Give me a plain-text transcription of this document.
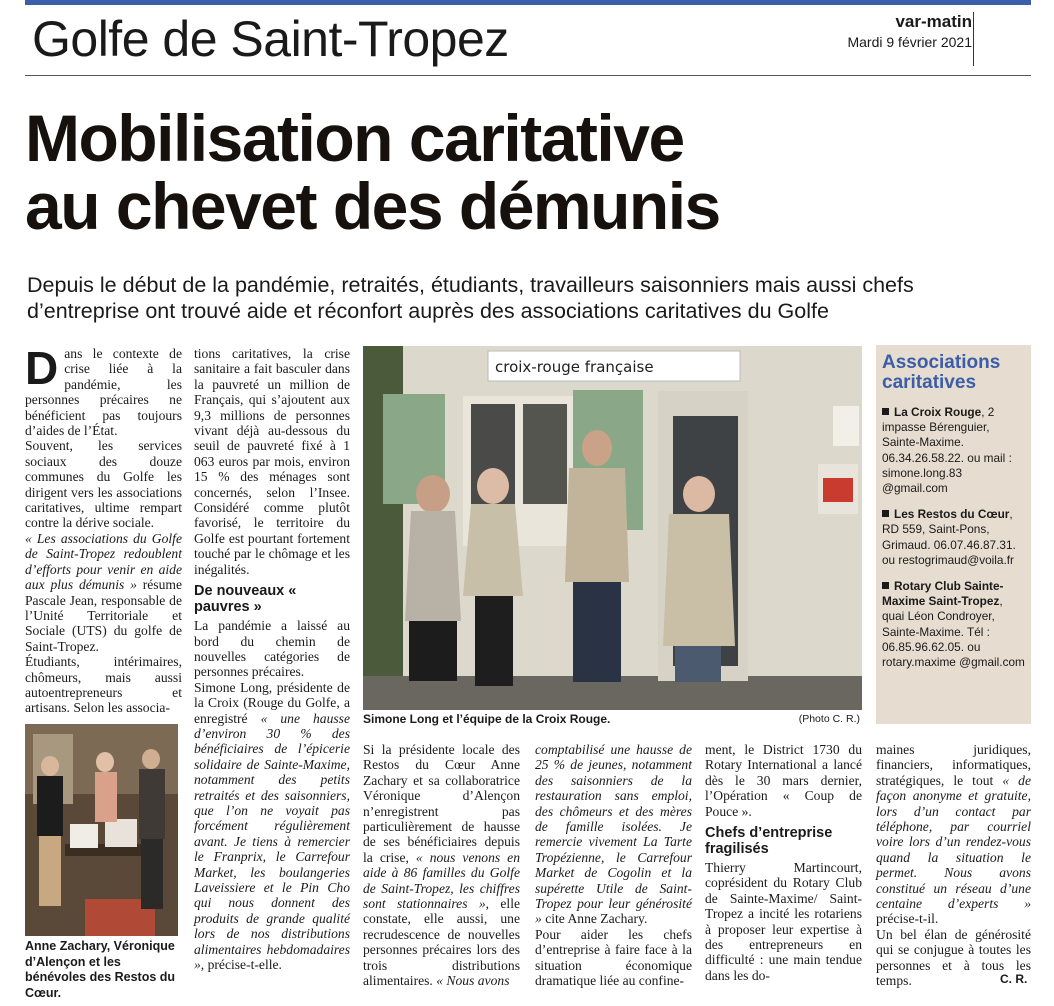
Golfe de Saint-Tropez	var-matin
Mardi 9 février 2021
Mobilisation caritative
au chevet des démunis
Depuis le début de la pandémie, retraités, étudiants, travailleurs saisonniers mais aussi chefs d’entreprise ont trouvé aide et réconfort auprès des associations caritatives du Golfe

Dans le contexte de crise liée à la pandémie, les personnes précaires ne bénéficient pas toujours d’aides de l’État.

Souvent, les services sociaux des douze communes du Golfe les dirigent vers les associations caritatives, ultime rempart contre la dérive sociale.

« Les associations du Golfe de Saint-Tropez redoublent d’efforts pour venir en aide aux plus démunis » résume Pascale Jean, responsable de l’Unité Territoriale et Sociale (UTS) du golfe de Saint-Tropez.

Étudiants, intérimaires, chômeurs, mais aussi autoentrepreneurs et artisans. Selon les associa-

Anne Zachary, Véronique d’Alençon et les bénévoles des Restos du Cœur.

tions caritatives, la crise sanitaire a fait basculer dans la pauvreté un million de Français, qui s’ajoutent aux 9,3 millions de personnes vivant déjà au-dessous du seuil de pauvreté fixé à 1 063 euros par mois, environ 15 % des ménages sont concernés, selon l’Insee. Considéré comme plutôt favorisé, le territoire du Golfe est pourtant fortement touché par le chômage et les inégalités.

De nouveaux « pauvres »

La pandémie a laissé au bord du chemin de nouvelles catégories de personnes précaires.

Simone Long, présidente de la Croix (Rouge du Golfe, a enregistré « une hausse d’environ 30 % des bénéficiaires de l’épicerie solidaire de Sainte-Maxime, notamment des petits retraités et des saisonniers, que l’on ne voyait pas forcément régulièrement avant. Je tiens à remercier le Franprix, le Carrefour Market, les boulangeries Laveissiere et le Pin Cho qui nous donnent des produits de grande qualité lors de nos distributions alimentaires hebdomadaires », précise-t-elle.

croix-rouge française
Simone Long et l’équipe de la Croix Rouge.	(Photo C. R.)

Si la présidente locale des Restos du Cœur Anne Zachary et sa collaboratrice Véronique d’Alençon n’enregistrent pas particulièrement de hausse de ses bénéficiaires depuis la crise, « nous venons en aide à 86 familles du Golfe de Saint-Tropez, les chiffres sont stationnaires », elle constate, elle aussi, une recrudescence de nouvelles personnes précaires lors des trois distributions alimentaires. « Nous avons

comptabilisé une hausse de 25 % de jeunes, notamment des saisonniers de la restauration sans emploi, des chômeurs et des mères de famille isolées. Je remercie vivement La Tarte Tropézienne, le Carrefour Market de Cogolin et la supérette Utile de Saint-Tropez pour leur générosité » cite Anne Zachary.

Pour aider les chefs d’entreprise à faire face à la situation économique dramatique liée au confine-

ment, le District 1730 du Rotary International a lancé dès le 30 mars dernier, l’Opération « Coup de Pouce ».

Chefs d’entreprise fragilisés

Thierry Martincourt, coprésident du Rotary Club de Sainte-Maxime/ Saint-Tropez a incité les rotariens à proposer leur expertise à des entrepreneurs en difficulté : une main tendue dans les do-

maines juridiques, financiers, informatiques, stratégiques, le tout « de façon anonyme et gratuite, lors d’un contact par téléphone, par courriel voire lors d’un rendez-vous quand la situation le permet. Nous avons constitué un réseau d’une centaine d’experts » précise-t-il.

Un bel élan de générosité qui se conjugue à toutes les personnes et à tous les temps.	C. R.
Associations caritatives
La Croix Rouge, 2 impasse Bérenguier, Sainte-Maxime. 06.34.26.58.22. ou mail : simone.long.83 @gmail.com
Les Restos du Cœur, RD 559, Saint-Pons, Grimaud. 06.07.46.87.31. ou restogrimaud@voila.fr
Rotary Club Sainte-Maxime Saint-Tropez, quai Léon Condroyer, Sainte-Maxime. Tél : 06.85.96.62.05. ou rotary.maxime @gmail.com
